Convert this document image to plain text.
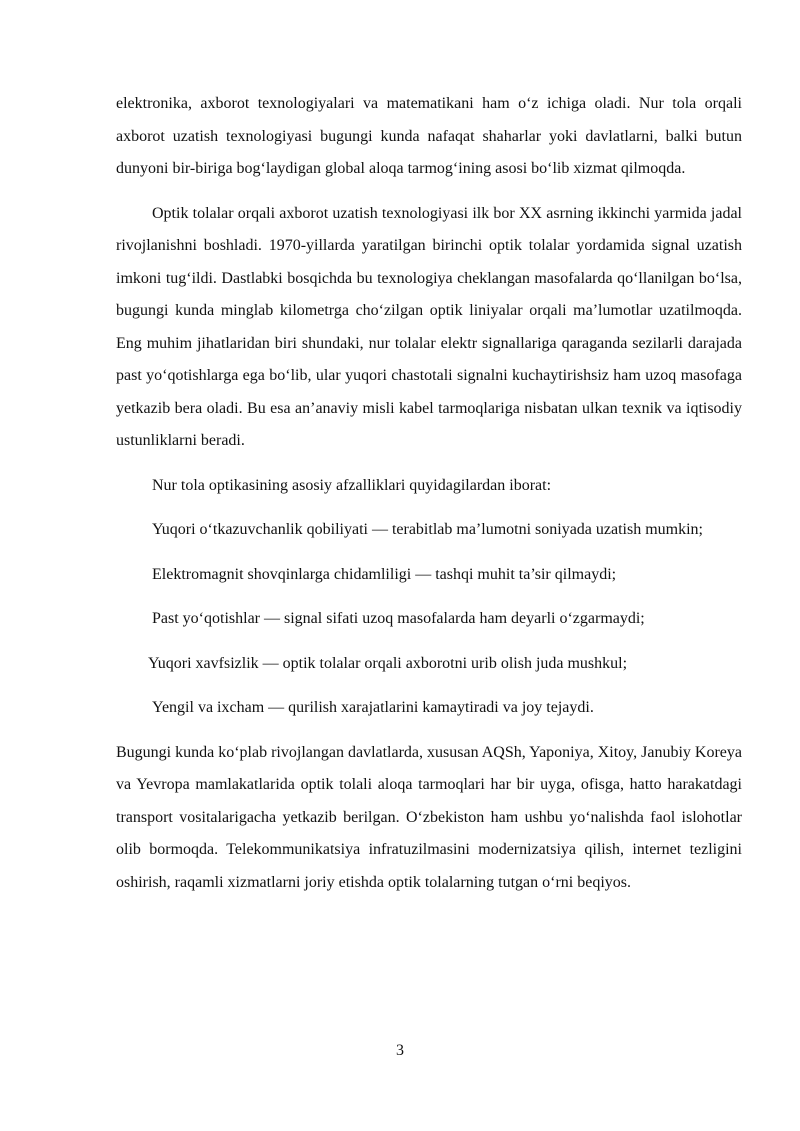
elektronika, axborot texnologiyalari va matematikani ham o‘z ichiga oladi. Nur tola orqali axborot uzatish texnologiyasi bugungi kunda nafaqat shaharlar yoki davlatlarni, balki butun dunyoni bir-biriga bog‘laydigan global aloqa tarmog‘ining asosi bo‘lib xizmat qilmoqda.

Optik tolalar orqali axborot uzatish texnologiyasi ilk bor XX asrning ikkinchi yarmida jadal rivojlanishni boshladi. 1970-yillarda yaratilgan birinchi optik tolalar yordamida signal uzatish imkoni tug‘ildi. Dastlabki bosqichda bu texnologiya cheklangan masofalarda qo‘llanilgan bo‘lsa, bugungi kunda minglab kilometrga cho‘zilgan optik liniyalar orqali ma’lumotlar uzatilmoqda. Eng muhim jihatlaridan biri shundaki, nur tolalar elektr signallariga qaraganda sezilarli darajada past yo‘qotishlarga ega bo‘lib, ular yuqori chastotali signalni kuchaytirishsiz ham uzoq masofaga yetkazib bera oladi. Bu esa an’anaviy misli kabel tarmoqlariga nisbatan ulkan texnik va iqtisodiy ustunliklarni beradi.

Nur tola optikasining asosiy afzalliklari quyidagilardan iborat:

Yuqori o‘tkazuvchanlik qobiliyati — terabitlab ma’lumotni soniyada uzatish mumkin;

Elektromagnit shovqinlarga chidamliligi — tashqi muhit ta’sir qilmaydi;

Past yo‘qotishlar — signal sifati uzoq masofalarda ham deyarli o‘zgarmaydi;

Yuqori xavfsizlik — optik tolalar orqali axborotni urib olish juda mushkul;

Yengil va ixcham — qurilish xarajatlarini kamaytiradi va joy tejaydi.

Bugungi kunda ko‘plab rivojlangan davlatlarda, xususan AQSh, Yaponiya, Xitoy, Janubiy Koreya va Yevropa mamlakatlarida optik tolali aloqa tarmoqlari har bir uyga, ofisga, hatto harakatdagi transport vositalarigacha yetkazib berilgan. O‘zbekiston ham ushbu yo‘nalishda faol islohotlar olib bormoqda. Telekommunikatsiya infratuzilmasini modernizatsiya qilish, internet tezligini oshirish, raqamli xizmatlarni joriy etishda optik tolalarning tutgan o‘rni beqiyos.

3
